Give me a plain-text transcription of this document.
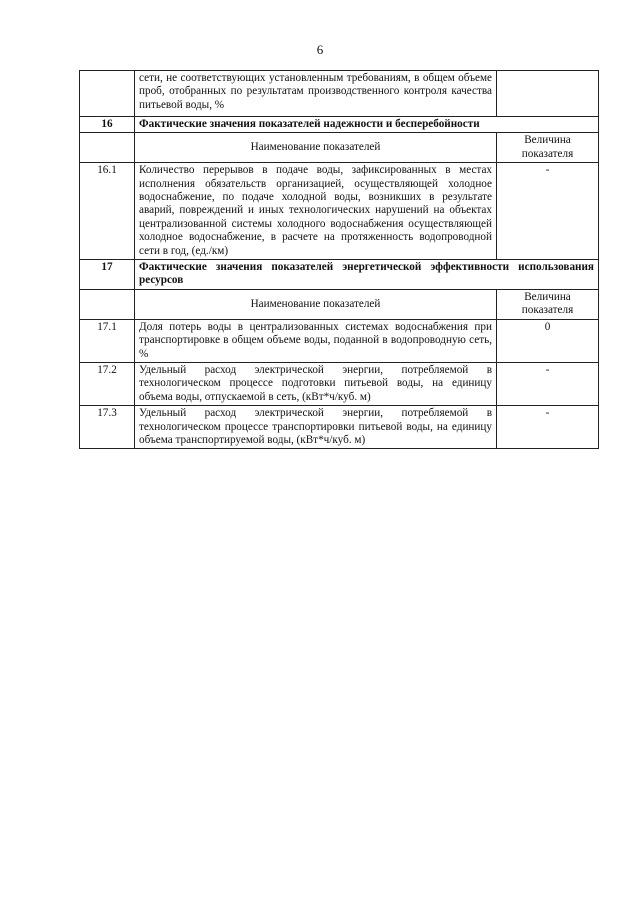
6
	сети, не соответствующих установленным требованиям, в общем объеме проб, отобранных по результатам производственного контроля качества питьевой воды, %	
16	Фактические значения показателей надежности и бесперебойности	
	Наименование показателей	Величина показателя
16.1	Количество перерывов в подаче воды, зафиксированных в местах исполнения обязательств организацией, осуществляющей холодное водоснабжение, по подаче холодной воды, возникших в результате аварий, повреждений и иных технологических нарушений на объектах централизованной системы холодного водоснабжения осуществляющей холодное водоснабжение, в расчете на протяженность водопроводной сети в год, (ед./км)	-
17	Фактические значения показателей энергетической эффективности использования ресурсов	
	Наименование показателей	Величина показателя
17.1	Доля потерь воды в централизованных системах водоснабжения при транспортировке в общем объеме воды, поданной в водопроводную сеть, %	0
17.2	Удельный расход электрической энергии, потребляемой в технологическом процессе подготовки питьевой воды, на единицу объема воды, отпускаемой в сеть, (кВт*ч/куб. м)	-
17.3	Удельный расход электрической энергии, потребляемой в технологическом процессе транспортировки питьевой воды, на единицу объема транспортируемой воды, (кВт*ч/куб. м)	-
